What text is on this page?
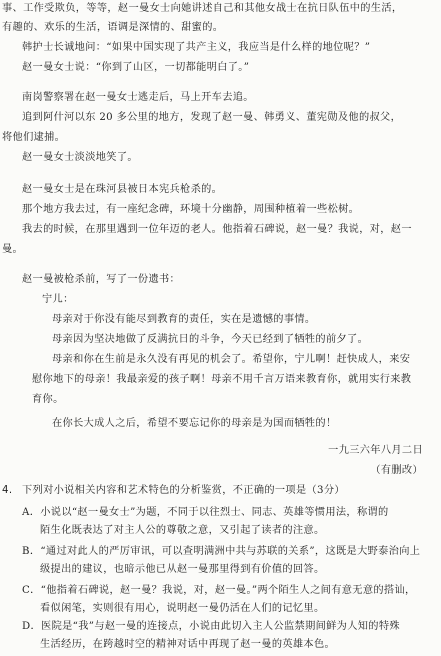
事、工作受欺负，等等，赵一曼女士向她讲述自己和其他女战士在抗日队伍中的生活，
有趣的、欢乐的生活，语调是深情的、甜蜜的。
韩护士长诚地问：“如果中国实现了共产主义，我应当是什么样的地位呢？”
赵一曼女士说：“你到了山区，一切都能明白了。”
南岗警察署在赵一曼女士逃走后，马上开车去追。
追到阿什河以东 20 多公里的地方，发现了赵一曼、韩勇义、董宪勋及他的叔父，
将他们逮捕。
赵一曼女士淡淡地笑了。
赵一曼女士是在珠河县被日本宪兵枪杀的。
那个地方我去过，有一座纪念碑，环境十分幽静，周围种植着一些松树。
我去的时候，在那里遇到一位年迈的老人。他指着石碑说，赵一曼？我说，对，赵一
曼。
赵一曼被枪杀前，写了一份遗书：
宁儿：
母亲对于你没有能尽到教育的责任，实在是遗憾的事情。
母亲因为坚决地做了反满抗日的斗争，今天已经到了牺牲的前夕了。
母亲和你在生前是永久没有再见的机会了。希望你，宁儿啊！赶快成人，来安
慰你地下的母亲！我最亲爱的孩子啊！母亲不用千言万语来教育你，就用实行来教
育你。
在你长大成人之后，希望不要忘记你的母亲是为国而牺牲的！
一九三六年八月二日
（有删改）
4. 下列对小说相关内容和艺术特色的分析鉴赏，不正确的一项是（3分）
A．小说以“赵一曼女士”为题，不同于以往烈士、同志、英雄等惯用法，称谓的
陌生化既表达了对主人公的尊敬之意，又引起了读者的注意。
B．“通过对此人的严厉审讯，可以查明满洲中共与苏联的关系”，这既是大野泰治向上
级提出的建议，也暗示他已从赵一曼那里得到有价值的回答。
C．“他指着石碑说，赵一曼？我说，对，赵一曼。”两个陌生人之间有意无意的搭讪，
看似闲笔，实则很有用心，说明赵一曼仍活在人们的记忆里。
D．医院是“我”与赵一曼的连接点，小说由此切入主人公监禁期间鲜为人知的特殊
生活经历，在跨越时空的精神对话中再现了赵一曼的英雄本色。
